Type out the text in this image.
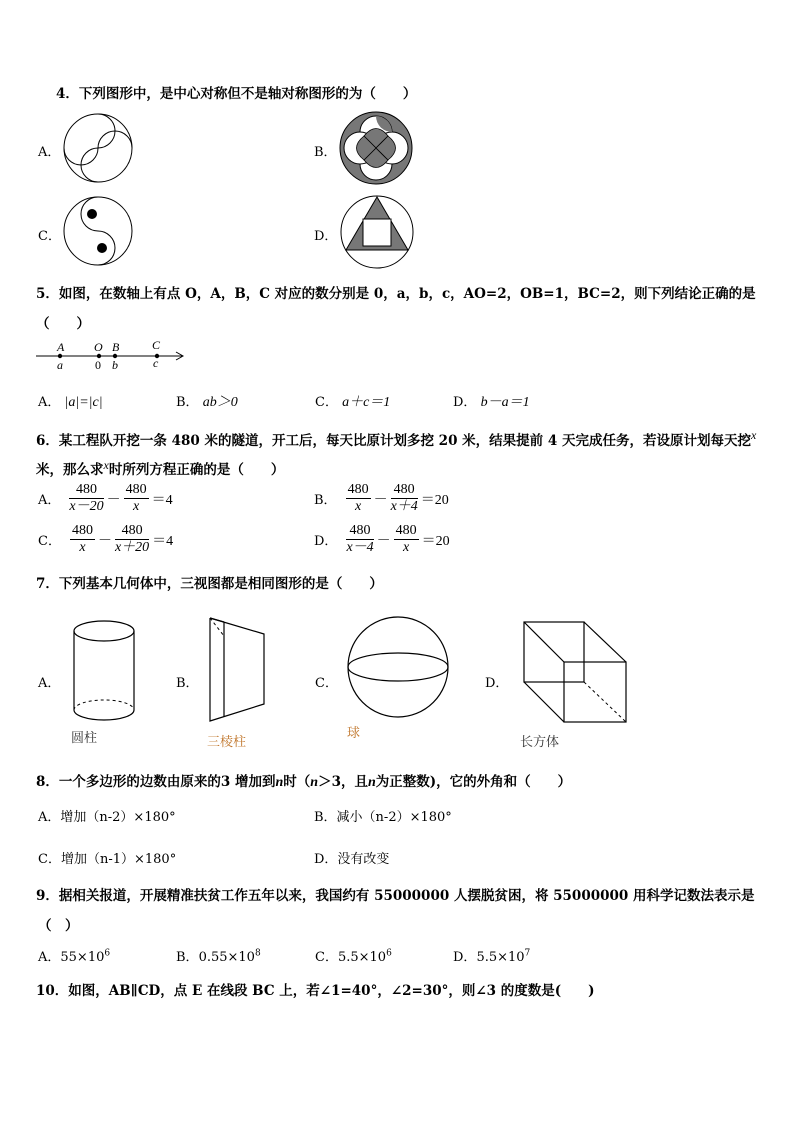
4．下列图形中，是中心对称但不是轴对称图形的为（　　）
A．	B．
C．	D．
5．如图，在数轴上有点 O，A，B，C 对应的数分别是 0，a，b，c，AO=2，OB=1，BC=2，则下列结论正确的是
（　　）
A O B	C
a	0 b	c
A． |a|=|c|	B． ab＞0	C． a＋c＝1	D． b－a＝1
6．某工程队开挖一条 480 米的隧道，开工后，每天比原计划多挖 20 米，结果提前 4 天完成任务，若设原计划每天挖x
米，那么求x时所列方程正确的是（　　）
A． $\frac{480}{x-20} - \frac{480}{x} =4$	B． $\frac{480}{x} - \frac{480}{x+4} =20$
C． $\frac{480}{x} - \frac{480}{x+20} =4$	D． $\frac{480}{x-4} - \frac{480}{x} =20$
7．下列基本几何体中，三视图都是相同图形的是（　　）
A．
圆柱
B．
三棱柱
C．
球
D．
长方体
8．一个多边形的边数由原来的3 增加到n时（n＞3，且n为正整数)，它的外角和（　　）
A．增加（n-2）×180°	B．减小（n-2）×180°
C．增加（n-1）×180°	D．没有改变
9．据相关报道，开展精准扶贫工作五年以来，我国约有 55000000 人摆脱贫困，将 55000000 用科学记数法表示是
（　）
A．$55\times 10^6$	B．$0.55\times 10^8$	C．$5.5\times 10^6$	D．$5.5\times 10^7$
10．如图，AB∥CD，点 E 在线段 BC 上，若∠1=40°，∠2=30°，则∠3 的度数是(　　)
